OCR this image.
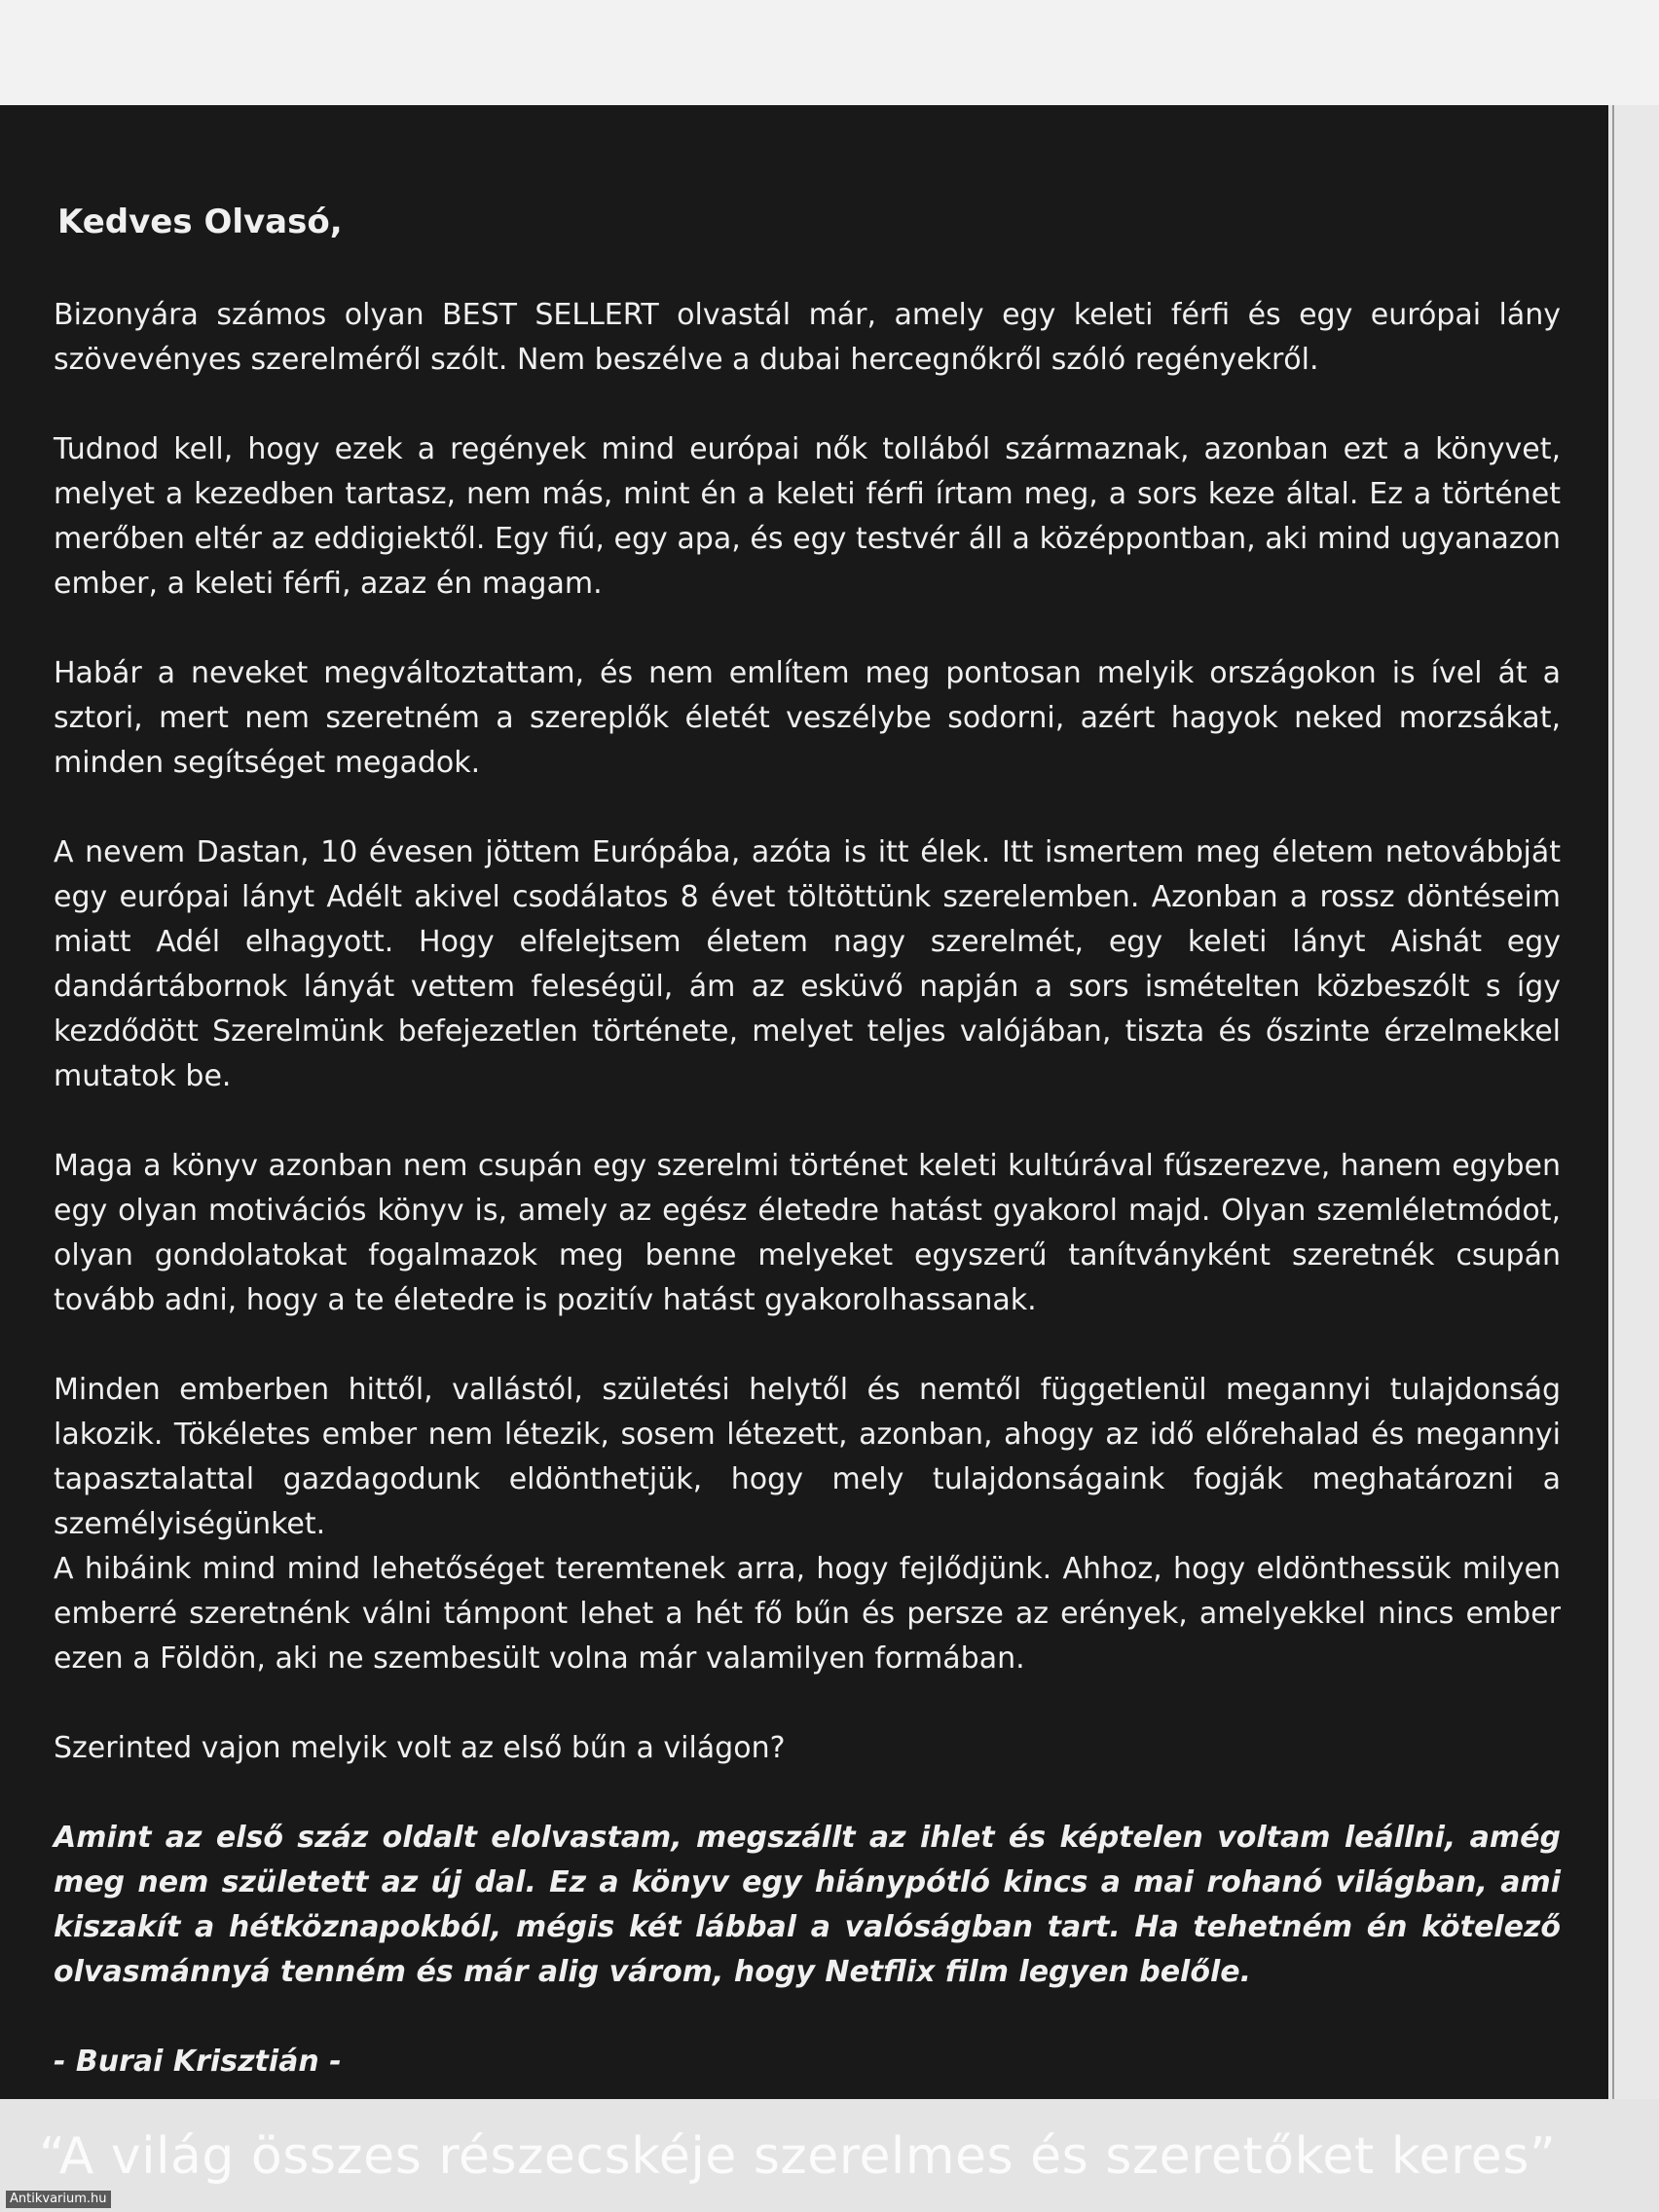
Kedves Olvasó,

Bizonyára számos olyan BEST SELLERT olvastál már, amely egy keleti férfi és egy európai lány szövevényes szerelméről szólt. Nem beszélve a dubai hercegnőkről szóló regényekről.

Tudnod kell, hogy ezek a regények mind európai nők tollából származnak, azonban ezt a könyvet, melyet a kezedben tartasz, nem más, mint én a keleti férfi írtam meg, a sors keze által. Ez a történet merőben eltér az eddigiektől. Egy fiú, egy apa, és egy testvér áll a középpontban, aki mind ugyanazon ember, a keleti férfi, azaz én magam.

Habár a neveket megváltoztattam, és nem említem meg pontosan melyik országokon is ível át a sztori, mert nem szeretném a szereplők életét veszélybe sodorni, azért hagyok neked morzsákat, minden segítséget megadok.

A nevem Dastan, 10 évesen jöttem Európába, azóta is itt élek. Itt ismertem meg életem netovábbját egy európai lányt Adélt akivel csodálatos 8 évet töltöttünk szerelemben. Azonban a rossz döntéseim miatt Adél elhagyott. Hogy elfelejtsem életem nagy szerelmét, egy keleti lányt Aishát egy dandártábornok lányát vettem feleségül, ám az esküvő napján a sors ismételten közbeszólt s így kezdődött Szerelmünk befejezetlen története, melyet teljes valójában, tiszta és őszinte érzelmekkel mutatok be.

Maga a könyv azonban nem csupán egy szerelmi történet keleti kultúrával fűszerezve, hanem egyben egy olyan motivációs könyv is, amely az egész életedre hatást gyakorol majd. Olyan szemléletmódot, olyan gondolatokat fogalmazok meg benne melyeket egyszerű tanítványként szeretnék csupán tovább adni, hogy a te életedre is pozitív hatást gyakorolhassanak.

Minden emberben hittől, vallástól, születési helytől és nemtől függetlenül megannyi tulajdonság lakozik. Tökéletes ember nem létezik, sosem létezett, azonban, ahogy az idő előrehalad és megannyi tapasztalattal gazdagodunk eldönthetjük, hogy mely tulajdonságaink fogják meghatározni a személyiségünket.

A hibáink mind mind lehetőséget teremtenek arra, hogy fejlődjünk. Ahhoz, hogy eldönthessük milyen emberré szeretnénk válni támpont lehet a hét fő bűn és persze az erények, amelyekkel nincs ember ezen a Földön, aki ne szembesült volna már valamilyen formában.

Szerinted vajon melyik volt az első bűn a világon?

Amint az első száz oldalt elolvastam, megszállt az ihlet és képtelen voltam leállni, amég meg nem született az új dal. Ez a könyv egy hiánypótló kincs a mai rohanó világban, ami kiszakít a hétköznapokból, mégis két lábbal a valóságban tart. Ha tehetném én kötelező olvasmánnyá tenném és már alig várom, hogy Netflix film legyen belőle.

- Burai Krisztián -

“A világ összes részecskéje szerelmes és szeretőket keres”
Antikvarium.hu
